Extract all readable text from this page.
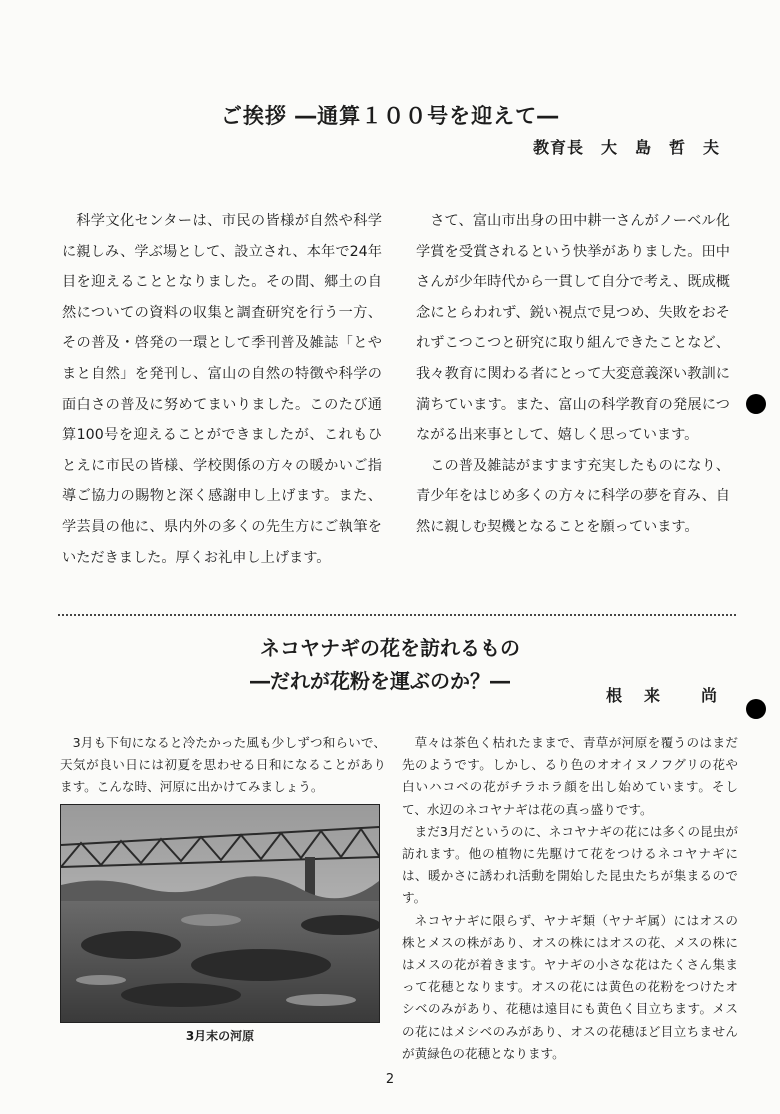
ご挨拶 ―通算１００号を迎えて―
教育長　大　島　哲　夫

科学文化センターは、市民の皆様が自然や科学に親しみ、学ぶ場として、設立され、本年で24年目を迎えることとなりました。その間、郷土の自然についての資料の収集と調査研究を行う一方、その普及・啓発の一環として季刊普及雑誌「とやまと自然」を発刊し、富山の自然の特徴や科学の面白さの普及に努めてまいりました。このたび通算100号を迎えることができましたが、これもひとえに市民の皆様、学校関係の方々の暖かいご指導ご協力の賜物と深く感謝申し上げます。また、学芸員の他に、県内外の多くの先生方にご執筆をいただきました。厚くお礼申し上げます。

さて、富山市出身の田中耕一さんがノーベル化学賞を受賞されるという快挙がありました。田中さんが少年時代から一貫して自分で考え、既成概念にとらわれず、鋭い視点で見つめ、失敗をおそれずこつこつと研究に取り組んできたことなど、我々教育に関わる者にとって大変意義深い教訓に満ちています。また、富山の科学教育の発展につながる出来事として、嬉しく思っています。

この普及雑誌がますます充実したものになり、青少年をはじめ多くの方々に科学の夢を育み、自然に親しむ契機となることを願っています。

ネコヤナギの花を訪れるもの
―だれが花粉を運ぶのか？―
根　来　　尚

3月も下旬になると冷たかった風も少しずつ和らいで、天気が良い日には初夏を思わせる日和になることがあります。こんな時、河原に出かけてみましょう。

3月末の河原

草々は茶色く枯れたままで、青草が河原を覆うのはまだ先のようです。しかし、るり色のオオイヌノフグリの花や白いハコベの花がチラホラ顔を出し始めています。そして、水辺のネコヤナギは花の真っ盛りです。

まだ3月だというのに、ネコヤナギの花には多くの昆虫が訪れます。他の植物に先駆けて花をつけるネコヤナギには、暖かさに誘われ活動を開始した昆虫たちが集まるのです。

ネコヤナギに限らず、ヤナギ類（ヤナギ属）にはオスの株とメスの株があり、オスの株にはオスの花、メスの株にはメスの花が着きます。ヤナギの小さな花はたくさん集まって花穂となります。オスの花には黄色の花粉をつけたオシベのみがあり、花穂は遠目にも黄色く目立ちます。メスの花にはメシベのみがあり、オスの花穂ほど目立ちませんが黄緑色の花穂となります。

2
